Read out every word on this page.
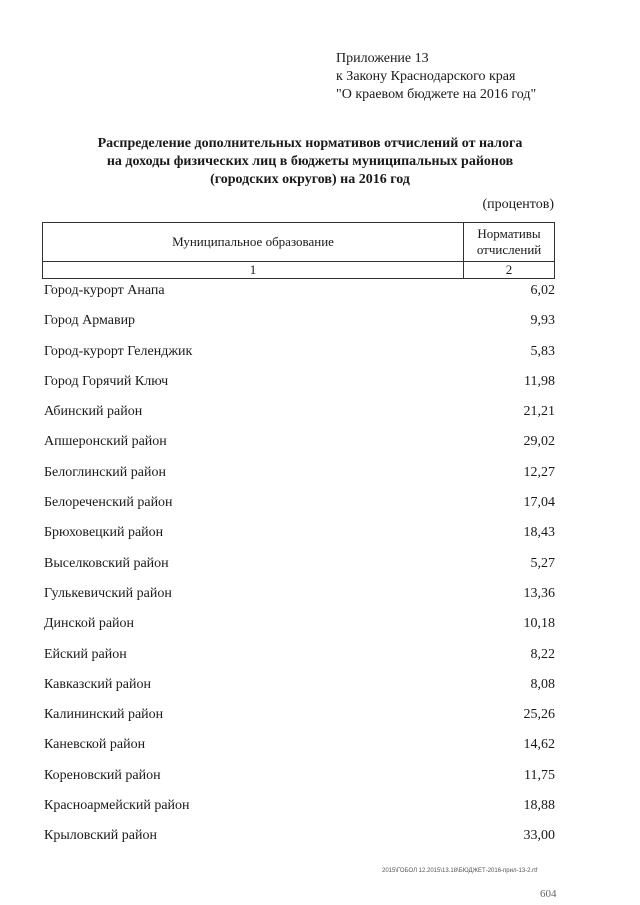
Приложение 13
к Закону Краснодарского края
"О краевом бюджете на 2016 год"
Распределение дополнительных нормативов отчислений от налога
на доходы физических лиц в бюджеты муниципальных районов
(городских округов) на 2016 год
(процентов)
Муниципальное образование	Нормативы
отчислений

1	2
Город-курорт Анапа	6,02
Город Армавир	9,93
Город-курорт Геленджик	5,83
Город Горячий Ключ	11,98
Абинский район	21,21
Апшеронский район	29,02
Белоглинский район	12,27
Белореченский район	17,04
Брюховецкий район	18,43
Выселковский район	5,27
Гулькевичский район	13,36
Динской район	10,18
Ейский район	8,22
Кавказский район	8,08
Калининский район	25,26
Каневской район	14,62
Кореновский район	11,75
Красноармейский район	18,88
Крыловский район	33,00
2015\ГОБОЛ 12.2015\13.18\БЮДЖЕТ-2016-прил-13-2.rtf
604
